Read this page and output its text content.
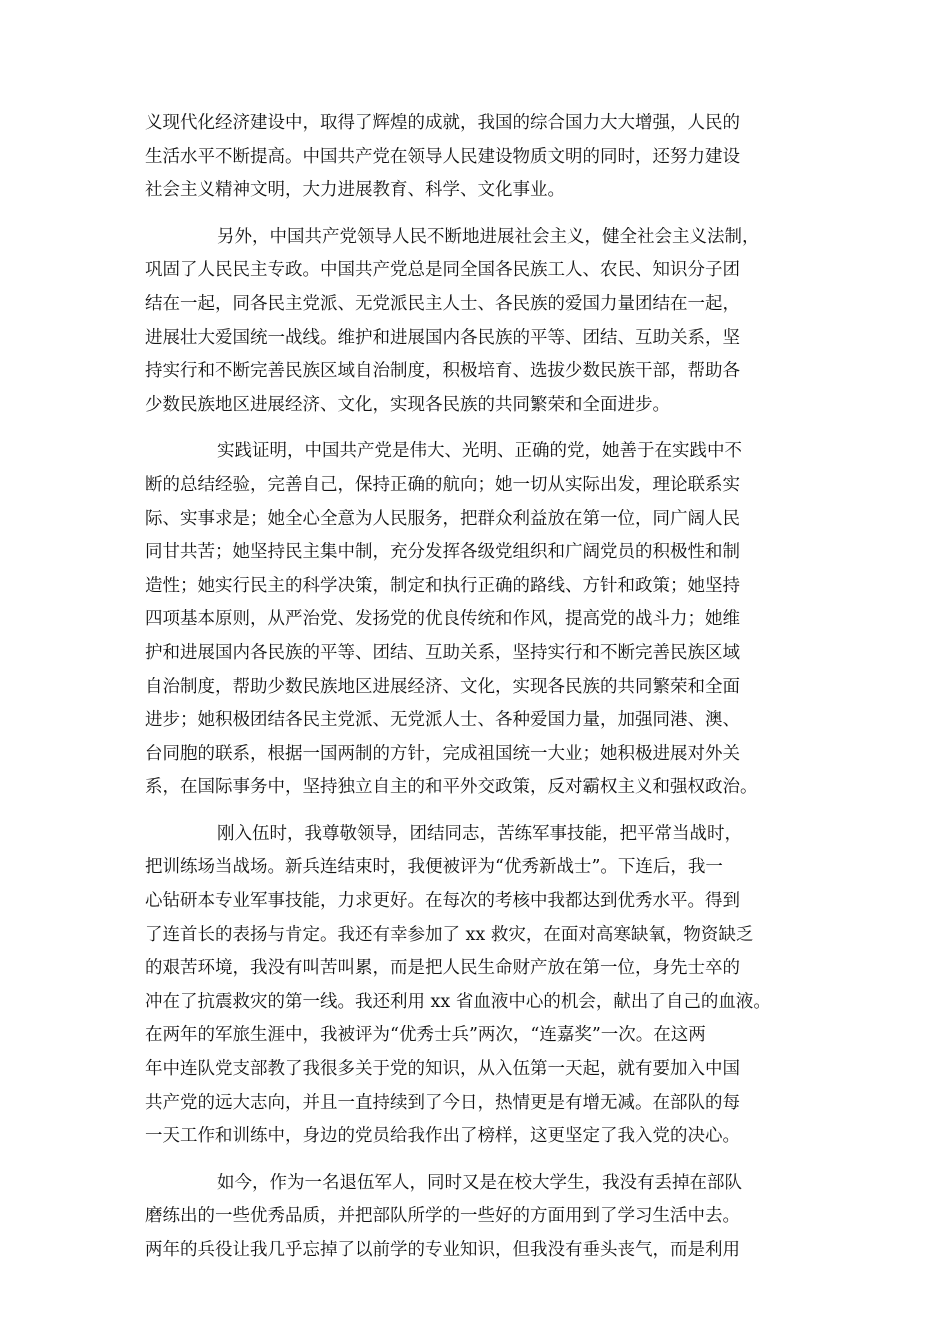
义现代化经济建设中，取得了辉煌的成就，我国的综合国力大大增强，人民的
生活水平不断提高。中国共产党在领导人民建设物质文明的同时，还努力建设
社会主义精神文明，大力进展教育、科学、文化事业。
另外，中国共产党领导人民不断地进展社会主义，健全社会主义法制，
巩固了人民民主专政。中国共产党总是同全国各民族工人、农民、知识分子团
结在一起，同各民主党派、无党派民主人士、各民族的爱国力量团结在一起，
进展壮大爱国统一战线。维护和进展国内各民族的平等、团结、互助关系，坚
持实行和不断完善民族区域自治制度，积极培育、选拔少数民族干部，帮助各
少数民族地区进展经济、文化，实现各民族的共同繁荣和全面进步。
实践证明，中国共产党是伟大、光明、正确的党，她善于在实践中不
断的总结经验，完善自己，保持正确的航向；她一切从实际出发，理论联系实
际、实事求是；她全心全意为人民服务，把群众利益放在第一位，同广阔人民
同甘共苦；她坚持民主集中制，充分发挥各级党组织和广阔党员的积极性和制
造性；她实行民主的科学决策，制定和执行正确的路线、方针和政策；她坚持
四项基本原则，从严治党、发扬党的优良传统和作风，提高党的战斗力；她维
护和进展国内各民族的平等、团结、互助关系，坚持实行和不断完善民族区域
自治制度，帮助少数民族地区进展经济、文化，实现各民族的共同繁荣和全面
进步；她积极团结各民主党派、无党派人士、各种爱国力量，加强同港、澳、
台同胞的联系，根据一国两制的方针，完成祖国统一大业；她积极进展对外关
系，在国际事务中，坚持独立自主的和平外交政策，反对霸权主义和强权政治。
刚入伍时，我尊敬领导，团结同志，苦练军事技能，把平常当战时，
把训练场当战场。新兵连结束时，我便被评为“优秀新战士”。下连后，我一
心钻研本专业军事技能，力求更好。在每次的考核中我都达到优秀水平。得到
了连首长的表扬与肯定。我还有幸参加了 xx 救灾，在面对高寒缺氧，物资缺乏
的艰苦环境，我没有叫苦叫累，而是把人民生命财产放在第一位，身先士卒的
冲在了抗震救灾的第一线。我还利用 xx 省血液中心的机会，献出了自己的血液。
在两年的军旅生涯中，我被评为“优秀士兵”两次，“连嘉奖”一次。在这两
年中连队党支部教了我很多关于党的知识，从入伍第一天起，就有要加入中国
共产党的远大志向，并且一直持续到了今日，热情更是有增无减。在部队的每
一天工作和训练中，身边的党员给我作出了榜样，这更坚定了我入党的决心。
如今，作为一名退伍军人，同时又是在校大学生，我没有丢掉在部队
磨练出的一些优秀品质，并把部队所学的一些好的方面用到了学习生活中去。
两年的兵役让我几乎忘掉了以前学的专业知识，但我没有垂头丧气，而是利用
